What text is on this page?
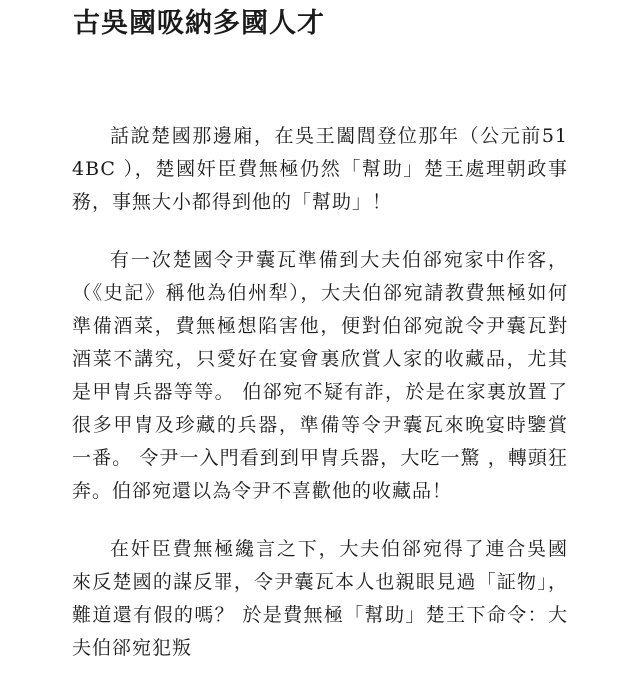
古吳國吸納多國人才

話說楚國那邊廂，在吳王闔閭登位那年（公元前514BC ），楚國奸臣費無極仍然「幫助」楚王處理朝政事務，事無大小都得到他的「幫助」！

有一次楚國令尹囊瓦準備到大夫伯郤宛家中作客，（《史記》稱他為伯州犁），大夫伯郤宛請教費無極如何準備酒菜，費無極想陷害他，便對伯郤宛說令尹囊瓦對酒菜不講究，只愛好在宴會裏欣賞人家的收藏品，尤其是甲冑兵器等等。 伯郤宛不疑有詐，於是在家裏放置了很多甲冑及珍藏的兵器，準備等令尹囊瓦來晚宴時鑒賞一番。 令尹一入門看到到甲冑兵器，大吃一驚 ，轉頭狂奔。伯郤宛還以為令尹不喜歡他的收藏品！

在奸臣費無極纔言之下，大夫伯郤宛得了連合吳國來反楚國的謀反罪，令尹囊瓦本人也親眼見過「証物」，難道還有假的嗎？ 於是費無極「幫助」楚王下命令：大夫伯郤宛犯叛
